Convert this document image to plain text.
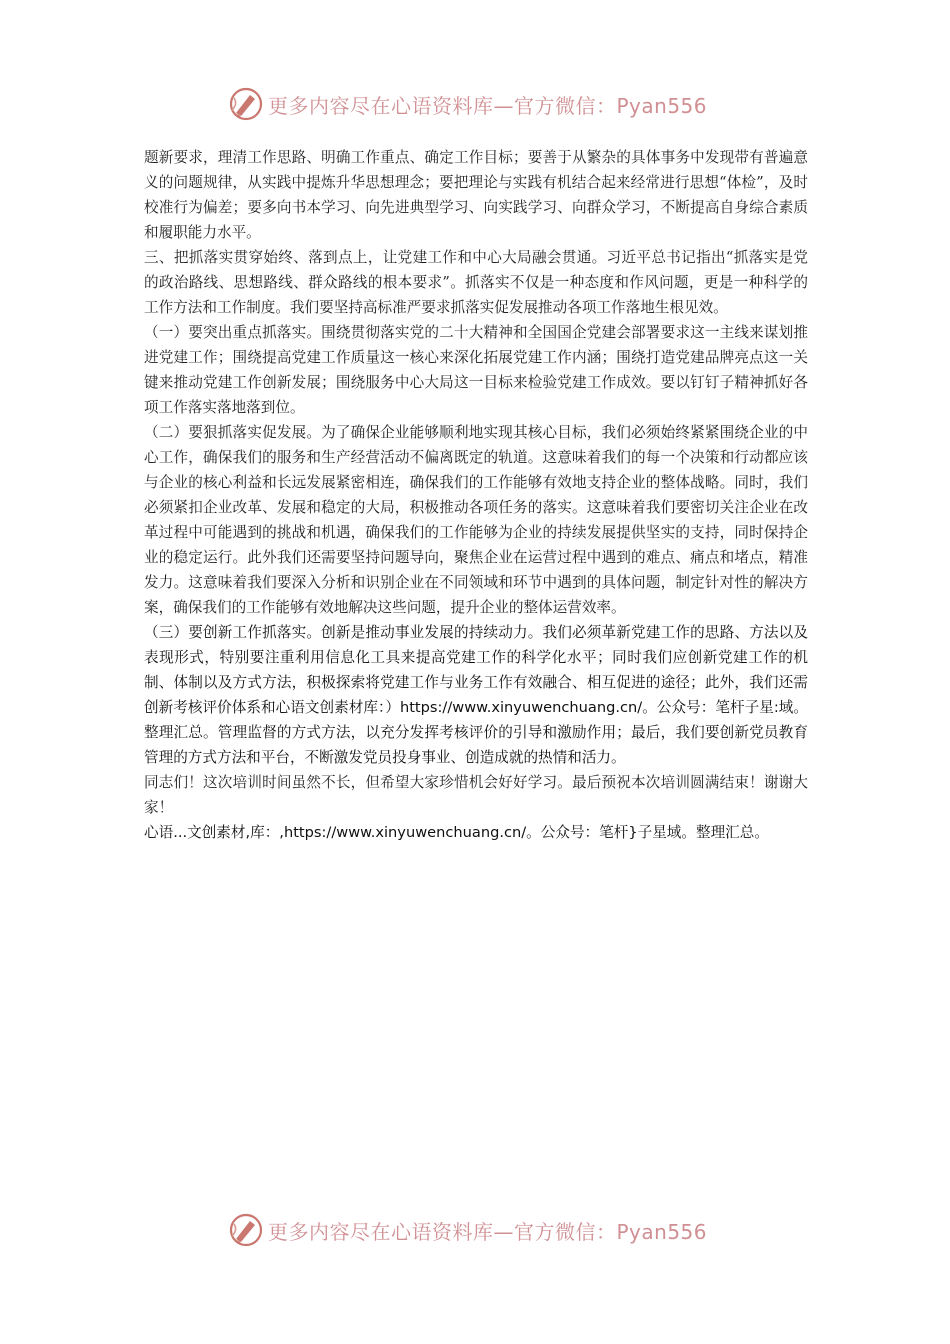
更多内容尽在心语资料库—官方微信：Pyan556

题新要求，理清工作思路、明确工作重点、确定工作目标；要善于从繁杂的具体事务中发现带有普遍意义的问题规律，从实践中提炼升华思想理念；要把理论与实践有机结合起来经常进行思想“体检”，及时校准行为偏差；要多向书本学习、向先进典型学习、向实践学习、向群众学习，不断提高自身综合素质和履职能力水平。

三、把抓落实贯穿始终、落到点上，让党建工作和中心大局融会贯通。习近平总书记指出“抓落实是党的政治路线、思想路线、群众路线的根本要求”。抓落实不仅是一种态度和作风问题，更是一种科学的工作方法和工作制度。我们要坚持高标准严要求抓落实促发展推动各项工作落地生根见效。

（一）要突出重点抓落实。围绕贯彻落实党的二十大精神和全国国企党建会部署要求这一主线来谋划推进党建工作；围绕提高党建工作质量这一核心来深化拓展党建工作内涵；围绕打造党建品牌亮点这一关键来推动党建工作创新发展；围绕服务中心大局这一目标来检验党建工作成效。要以钉钉子精神抓好各项工作落实落地落到位。

（二）要狠抓落实促发展。为了确保企业能够顺利地实现其核心目标，我们必须始终紧紧围绕企业的中心工作，确保我们的服务和生产经营活动不偏离既定的轨道。这意味着我们的每一个决策和行动都应该与企业的核心利益和长远发展紧密相连，确保我们的工作能够有效地支持企业的整体战略。同时，我们必须紧扣企业改革、发展和稳定的大局，积极推动各项任务的落实。这意味着我们要密切关注企业在改革过程中可能遇到的挑战和机遇，确保我们的工作能够为企业的持续发展提供坚实的支持，同时保持企业的稳定运行。此外我们还需要坚持问题导向，聚焦企业在运营过程中遇到的难点、痛点和堵点，精准发力。这意味着我们要深入分析和识别企业在不同领域和环节中遇到的具体问题，制定针对性的解决方案，确保我们的工作能够有效地解决这些问题，提升企业的整体运营效率。

（三）要创新工作抓落实。创新是推动事业发展的持续动力。我们必须革新党建工作的思路、方法以及表现形式，特别要注重利用信息化工具来提高党建工作的科学化水平；同时我们应创新党建工作的机制、体制以及方式方法，积极探索将党建工作与业务工作有效融合、相互促进的途径；此外，我们还需创新考核评价体系和心语文创素材库：）https://www.xinyuwenchuang.cn/。公众号：笔杆子星:域。整理汇总。管理监督的方式方法，以充分发挥考核评价的引导和激励作用；最后，我们要创新党员教育管理的方式方法和平台，不断激发党员投身事业、创造成就的热情和活力。

同志们！这次培训时间虽然不长，但希望大家珍惜机会好好学习。最后预祝本次培训圆满结束！谢谢大家！

心语...文创素材,库：,https://www.xinyuwenchuang.cn/。公众号：笔杆}子星域。整理汇总。

更多内容尽在心语资料库—官方微信：Pyan556
